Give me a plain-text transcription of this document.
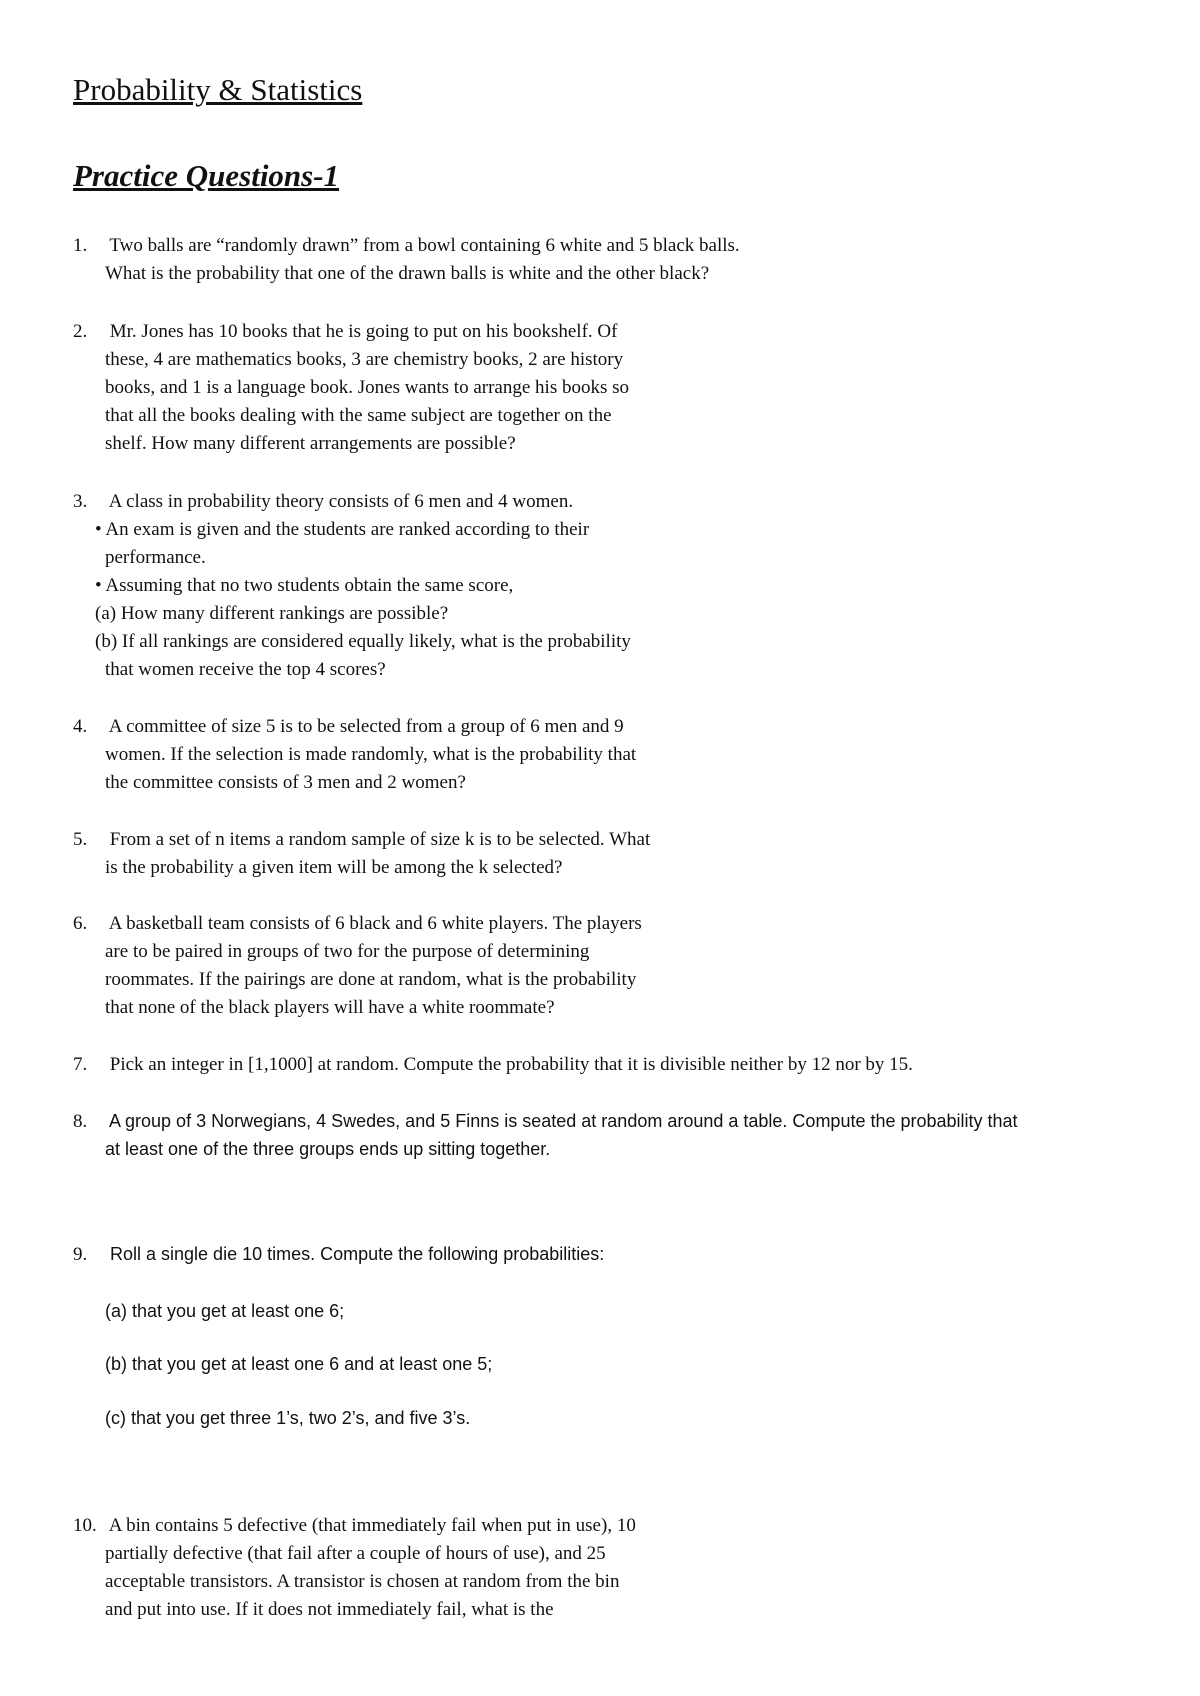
Probability & Statistics
Practice Questions-1
1. Two balls are “randomly drawn” from a bowl containing 6 white and 5 black balls.
What is the probability that one of the drawn balls is white and the other black?
2. Mr. Jones has 10 books that he is going to put on his bookshelf. Of
these, 4 are mathematics books, 3 are chemistry books, 2 are history
books, and 1 is a language book. Jones wants to arrange his books so
that all the books dealing with the same subject are together on the
shelf. How many different arrangements are possible?
3. A class in probability theory consists of 6 men and 4 women.
• An exam is given and the students are ranked according to their
performance.
• Assuming that no two students obtain the same score,
(a) How many different rankings are possible?
(b) If all rankings are considered equally likely, what is the probability
that women receive the top 4 scores?
4. A committee of size 5 is to be selected from a group of 6 men and 9
women. If the selection is made randomly, what is the probability that
the committee consists of 3 men and 2 women?
5. From a set of n items a random sample of size k is to be selected. What
is the probability a given item will be among the k selected?
6. A basketball team consists of 6 black and 6 white players. The players
are to be paired in groups of two for the purpose of determining
roommates. If the pairings are done at random, what is the probability
that none of the black players will have a white roommate?
7. Pick an integer in [1,1000] at random. Compute the probability that it is divisible neither by 12 nor by 15.
8. A group of 3 Norwegians, 4 Swedes, and 5 Finns is seated at random around a table. Compute the probability that
at least one of the three groups ends up sitting together.
9. Roll a single die 10 times. Compute the following probabilities:
(a) that you get at least one 6;
(b) that you get at least one 6 and at least one 5;
(c) that you get three 1’s, two 2’s, and five 3’s.
10. A bin contains 5 defective (that immediately fail when put in use), 10
partially defective (that fail after a couple of hours of use), and 25
acceptable transistors. A transistor is chosen at random from the bin
and put into use. If it does not immediately fail, what is the
